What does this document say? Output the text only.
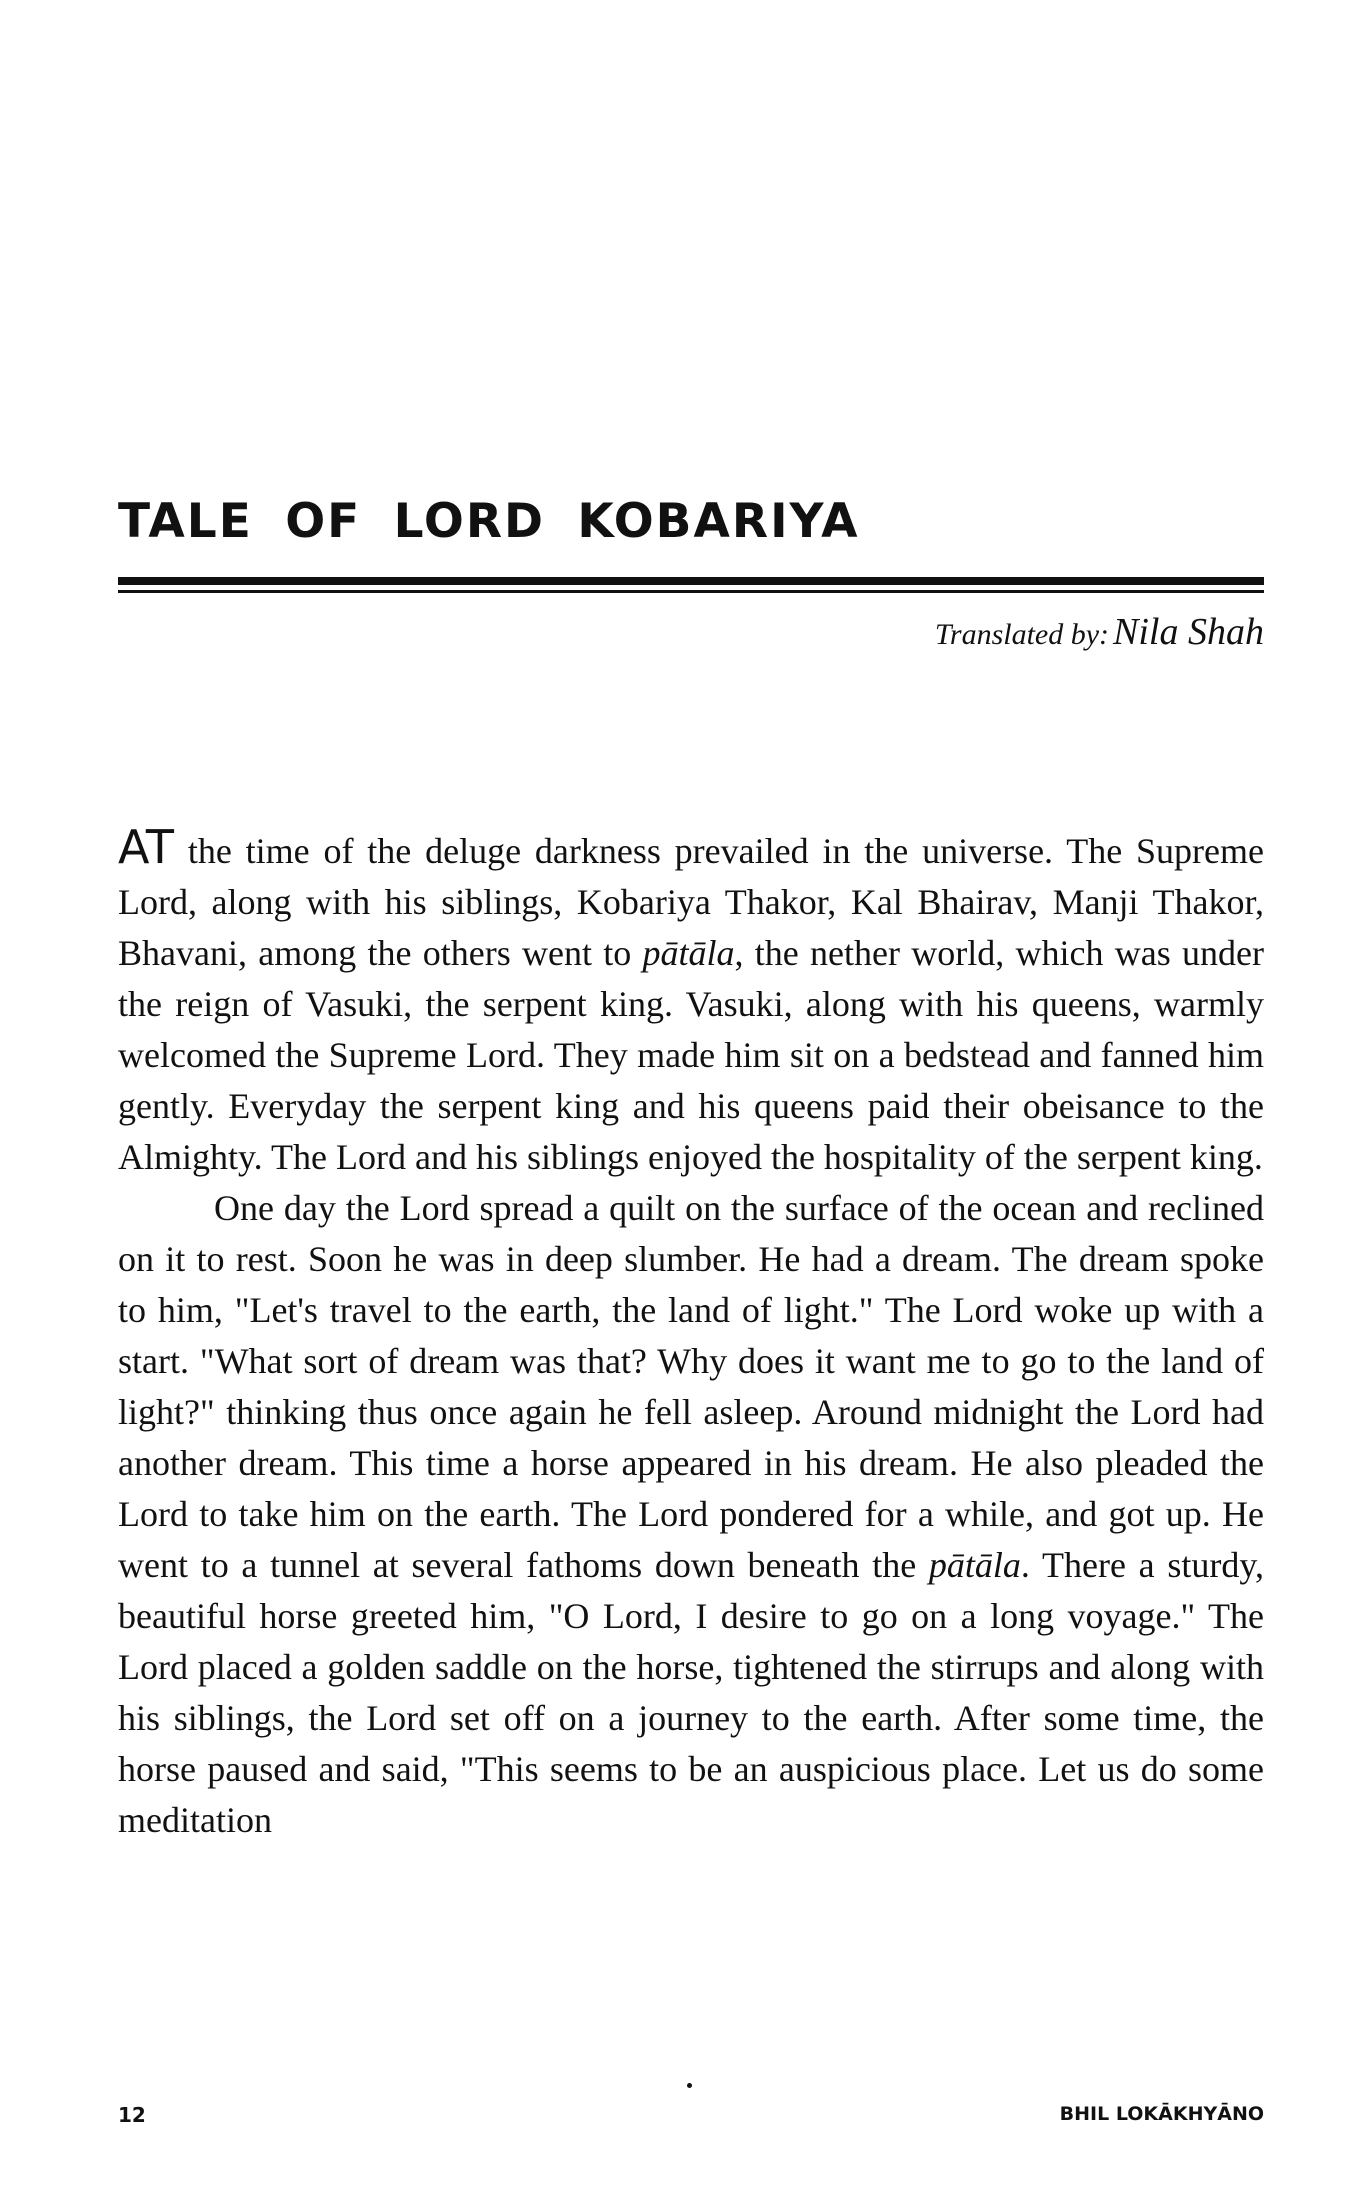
TALE OF LORD KOBARIYA
Translated by: Nila Shah

AT the time of the deluge darkness prevailed in the universe. The Supreme Lord, along with his siblings, Kobariya Thakor, Kal Bhairav, Manji Thakor, Bhavani, among the others went to pātāla, the nether world, which was under the reign of Vasuki, the serpent king. Vasuki, along with his queens, warmly welcomed the Supreme Lord. They made him sit on a bedstead and fanned him gently. Everyday the serpent king and his queens paid their obeisance to the Almighty. The Lord and his siblings enjoyed the hospitality of the serpent king.

One day the Lord spread a quilt on the surface of the ocean and reclined on it to rest. Soon he was in deep slumber. He had a dream. The dream spoke to him, "Let's travel to the earth, the land of light." The Lord woke up with a start. "What sort of dream was that? Why does it want me to go to the land of light?" thinking thus once again he fell asleep. Around midnight the Lord had another dream. This time a horse appeared in his dream. He also pleaded the Lord to take him on the earth. The Lord pondered for a while, and got up. He went to a tunnel at several fathoms down beneath the pātāla. There a sturdy, beautiful horse greeted him, "O Lord, I desire to go on a long voyage." The Lord placed a golden saddle on the horse, tightened the stirrups and along with his siblings, the Lord set off on a journey to the earth. After some time, the horse paused and said, "This seems to be an auspicious place. Let us do some meditation

12	BHIL LOKĀKHYĀNO
